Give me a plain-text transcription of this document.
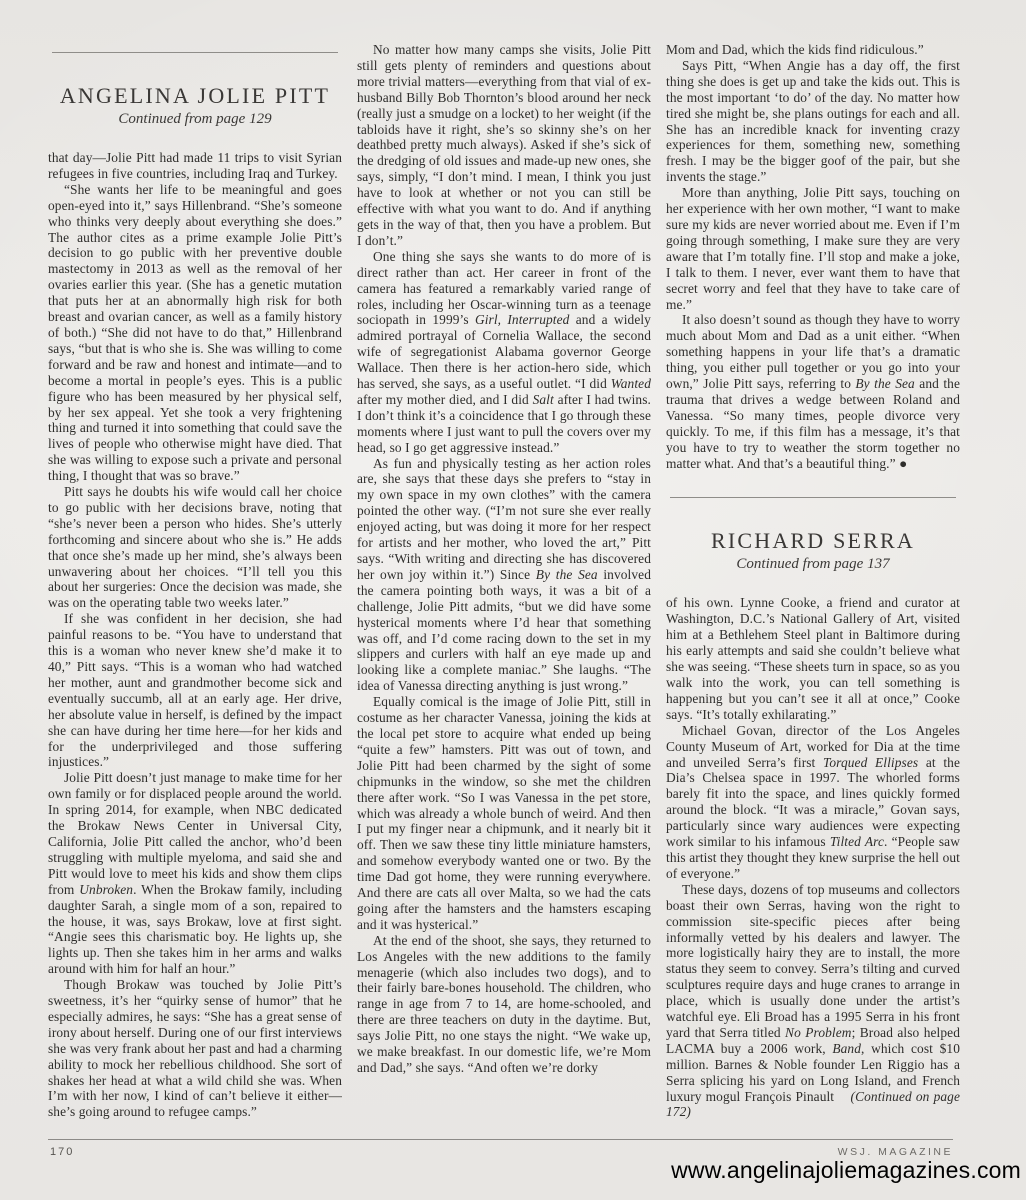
ANGELINA JOLIE PITT
Continued from page 129

that day—Jolie Pitt had made 11 trips to visit Syrian refugees in five countries, including Iraq and Turkey.

“She wants her life to be meaningful and goes open-eyed into it,” says Hillenbrand. “She’s someone who thinks very deeply about everything she does.” The author cites as a prime example Jolie Pitt’s decision to go public with her preventive double mastectomy in 2013 as well as the removal of her ovaries earlier this year. (She has a genetic mutation that puts her at an abnormally high risk for both breast and ovarian cancer, as well as a family history of both.) “She did not have to do that,” Hillenbrand says, “but that is who she is. She was willing to come forward and be raw and honest and intimate—and to become a mortal in people’s eyes. This is a public figure who has been measured by her physical self, by her sex appeal. Yet she took a very frightening thing and turned it into something that could save the lives of people who otherwise might have died. That she was willing to expose such a private and personal thing, I thought that was so brave.”

Pitt says he doubts his wife would call her choice to go public with her decisions brave, noting that “she’s never been a person who hides. She’s utterly forthcoming and sincere about who she is.” He adds that once she’s made up her mind, she’s always been unwavering about her choices. “I’ll tell you this about her surgeries: Once the decision was made, she was on the operating table two weeks later.”

If she was confident in her decision, she had painful reasons to be. “You have to understand that this is a woman who never knew she’d make it to 40,” Pitt says. “This is a woman who had watched her mother, aunt and grandmother become sick and eventually succumb, all at an early age. Her drive, her absolute value in herself, is defined by the impact she can have during her time here—for her kids and for the underprivileged and those suffering injustices.”

Jolie Pitt doesn’t just manage to make time for her own family or for displaced people around the world. In spring 2014, for example, when NBC dedicated the Brokaw News Center in Universal City, California, Jolie Pitt called the anchor, who’d been struggling with multiple myeloma, and said she and Pitt would love to meet his kids and show them clips from Unbroken. When the Brokaw family, including daughter Sarah, a single mom of a son, repaired to the house, it was, says Brokaw, love at first sight. “Angie sees this charismatic boy. He lights up, she lights up. Then she takes him in her arms and walks around with him for half an hour.”

Though Brokaw was touched by Jolie Pitt’s sweetness, it’s her “quirky sense of humor” that he especially admires, he says: “She has a great sense of irony about herself. During one of our first interviews she was very frank about her past and had a charming ability to mock her rebellious childhood. She sort of shakes her head at what a wild child she was. When I’m with her now, I kind of can’t believe it either—she’s going around to refugee camps.”

No matter how many camps she visits, Jolie Pitt still gets plenty of reminders and questions about more trivial matters—everything from that vial of ex-husband Billy Bob Thornton’s blood around her neck (really just a smudge on a locket) to her weight (if the tabloids have it right, she’s so skinny she’s on her deathbed pretty much always). Asked if she’s sick of the dredging of old issues and made-up new ones, she says, simply, “I don’t mind. I mean, I think you just have to look at whether or not you can still be effective with what you want to do. And if anything gets in the way of that, then you have a problem. But I don’t.”

One thing she says she wants to do more of is direct rather than act. Her career in front of the camera has featured a remarkably varied range of roles, including her Oscar-winning turn as a teenage sociopath in 1999’s Girl, Interrupted and a widely admired portrayal of Cornelia Wallace, the second wife of segregationist Alabama governor George Wallace. Then there is her action-hero side, which has served, she says, as a useful outlet. “I did Wanted after my mother died, and I did Salt after I had twins. I don’t think it’s a coincidence that I go through these moments where I just want to pull the covers over my head, so I go get aggressive instead.”

As fun and physically testing as her action roles are, she says that these days she prefers to “stay in my own space in my own clothes” with the camera pointed the other way. (“I’m not sure she ever really enjoyed acting, but was doing it more for her respect for artists and her mother, who loved the art,” Pitt says. “With writing and directing she has discovered her own joy within it.”) Since By the Sea involved the camera pointing both ways, it was a bit of a challenge, Jolie Pitt admits, “but we did have some hysterical moments where I’d hear that something was off, and I’d come racing down to the set in my slippers and curlers with half an eye made up and looking like a complete maniac.” She laughs. “The idea of Vanessa directing anything is just wrong.”

Equally comical is the image of Jolie Pitt, still in costume as her character Vanessa, joining the kids at the local pet store to acquire what ended up being “quite a few” hamsters. Pitt was out of town, and Jolie Pitt had been charmed by the sight of some chipmunks in the window, so she met the children there after work. “So I was Vanessa in the pet store, which was already a whole bunch of weird. And then I put my finger near a chipmunk, and it nearly bit it off. Then we saw these tiny little miniature hamsters, and somehow everybody wanted one or two. By the time Dad got home, they were running everywhere. And there are cats all over Malta, so we had the cats going after the hamsters and the hamsters escaping and it was hysterical.”

At the end of the shoot, she says, they returned to Los Angeles with the new additions to the family menagerie (which also includes two dogs), and to their fairly bare-bones household. The children, who range in age from 7 to 14, are home-schooled, and there are three teachers on duty in the daytime. But, says Jolie Pitt, no one stays the night. “We wake up, we make breakfast. In our domestic life, we’re Mom and Dad,” she says. “And often we’re dorky

Mom and Dad, which the kids find ridiculous.”

Says Pitt, “When Angie has a day off, the first thing she does is get up and take the kids out. This is the most important ‘to do’ of the day. No matter how tired she might be, she plans outings for each and all. She has an incredible knack for inventing crazy experiences for them, something new, something fresh. I may be the bigger goof of the pair, but she invents the stage.”

More than anything, Jolie Pitt says, touching on her experience with her own mother, “I want to make sure my kids are never worried about me. Even if I’m going through something, I make sure they are very aware that I’m totally fine. I’ll stop and make a joke, I talk to them. I never, ever want them to have that secret worry and feel that they have to take care of me.”

It also doesn’t sound as though they have to worry much about Mom and Dad as a unit either. “When something happens in your life that’s a dramatic thing, you either pull together or you go into your own,” Jolie Pitt says, referring to By the Sea and the trauma that drives a wedge between Roland and Vanessa. “So many times, people divorce very quickly. To me, if this film has a message, it’s that you have to try to weather the storm together no matter what. And that’s a beautiful thing.” ●

RICHARD SERRA
Continued from page 137

of his own. Lynne Cooke, a friend and curator at Washington, D.C.’s National Gallery of Art, visited him at a Bethlehem Steel plant in Baltimore during his early attempts and said she couldn’t believe what she was seeing. “These sheets turn in space, so as you walk into the work, you can tell something is happening but you can’t see it all at once,” Cooke says. “It’s totally exhilarating.”

Michael Govan, director of the Los Angeles County Museum of Art, worked for Dia at the time and unveiled Serra’s first Torqued Ellipses at the Dia’s Chelsea space in 1997. The whorled forms barely fit into the space, and lines quickly formed around the block. “It was a miracle,” Govan says, particularly since wary audiences were expecting work similar to his infamous Tilted Arc. “People saw this artist they thought they knew surprise the hell out of everyone.”

These days, dozens of top museums and collectors boast their own Serras, having won the right to commission site-specific pieces after being informally vetted by his dealers and lawyer. The more logistically hairy they are to install, the more status they seem to convey. Serra’s tilting and curved sculptures require days and huge cranes to arrange in place, which is usually done under the artist’s watchful eye. Eli Broad has a 1995 Serra in his front yard that Serra titled No Problem; Broad also helped LACMA buy a 2006 work, Band, which cost $10 million. Barnes & Noble founder Len Riggio has a Serra splicing his yard on Long Island, and French luxury mogul François Pinault    (Continued on page 172)

170	WSJ. MAGAZINE
www.angelinajoliemagazines.com
